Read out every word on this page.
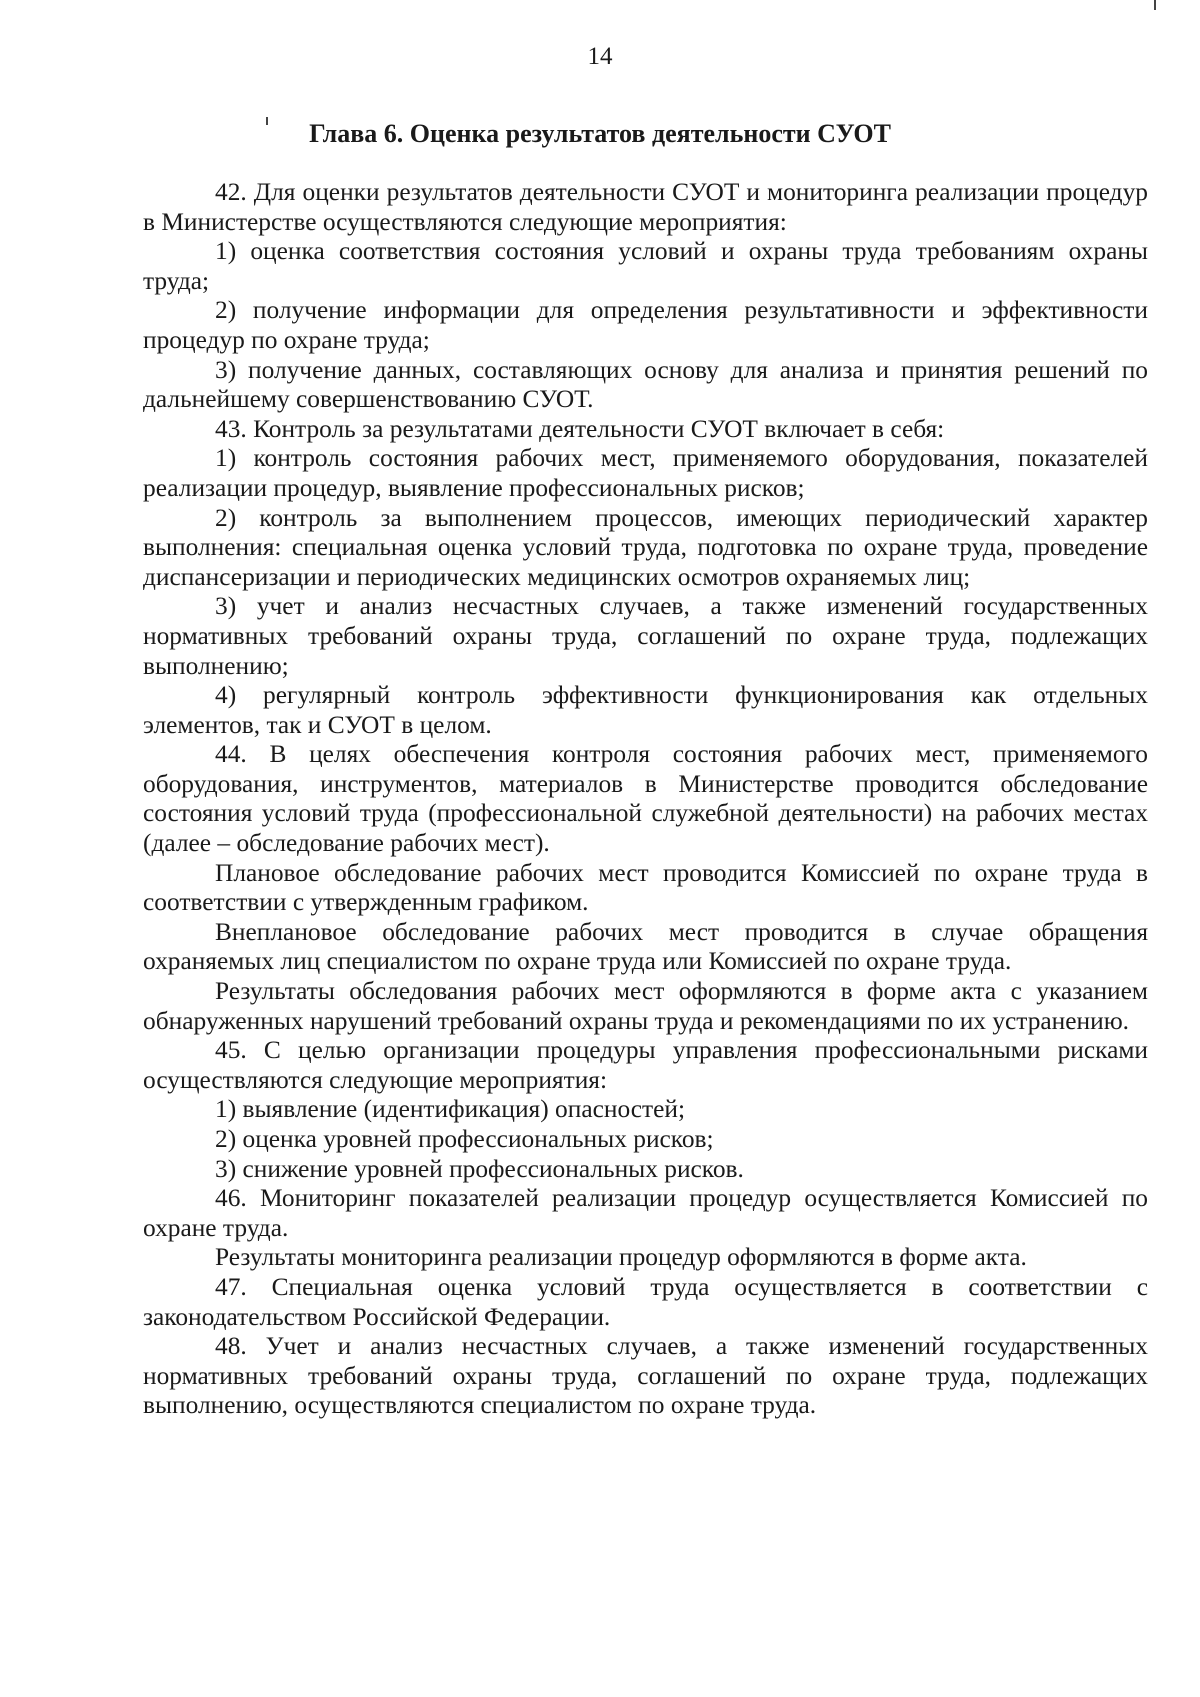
14
Глава 6. Оценка результатов деятельности СУОТ

42. Для оценки результатов деятельности СУОТ и мониторинга реализации процедур в Министерстве осуществляются следующие мероприятия:

1) оценка соответствия состояния условий и охраны труда требованиям охраны труда;

2) получение информации для определения результативности и эффективности процедур по охране труда;

3) получение данных, составляющих основу для анализа и принятия решений по дальнейшему совершенствованию СУОТ.

43. Контроль за результатами деятельности СУОТ включает в себя:

1) контроль состояния рабочих мест, применяемого оборудования, показателей реализации процедур, выявление профессиональных рисков;

2) контроль за выполнением процессов, имеющих периодический характер выполнения: специальная оценка условий труда, подготовка по охране труда, проведение диспансеризации и периодических медицинских осмотров охраняемых лиц;

3) учет и анализ несчастных случаев, а также изменений государственных нормативных требований охраны труда, соглашений по охране труда, подлежащих выполнению;

4) регулярный контроль эффективности функционирования как отдельных элементов, так и СУОТ в целом.

44. В целях обеспечения контроля состояния рабочих мест, применяемого оборудования, инструментов, материалов в Министерстве проводится обследование состояния условий труда (профессиональной служебной деятельности) на рабочих местах (далее – обследование рабочих мест).

Плановое обследование рабочих мест проводится Комиссией по охране труда в соответствии с утвержденным графиком.

Внеплановое обследование рабочих мест проводится в случае обращения охраняемых лиц специалистом по охране труда или Комиссией по охране труда.

Результаты обследования рабочих мест оформляются в форме акта с указанием обнаруженных нарушений требований охраны труда и рекомендациями по их устранению.

45. С целью организации процедуры управления профессиональными рисками осуществляются следующие мероприятия:

1) выявление (идентификация) опасностей;

2) оценка уровней профессиональных рисков;

3) снижение уровней профессиональных рисков.

46. Мониторинг показателей реализации процедур осуществляется Комиссией по охране труда.

Результаты мониторинга реализации процедур оформляются в форме акта.

47. Специальная оценка условий труда осуществляется в соответствии с законодательством Российской Федерации.

48. Учет и анализ несчастных случаев, а также изменений государственных нормативных требований охраны труда, соглашений по охране труда, подлежащих выполнению, осуществляются специалистом по охране труда.
